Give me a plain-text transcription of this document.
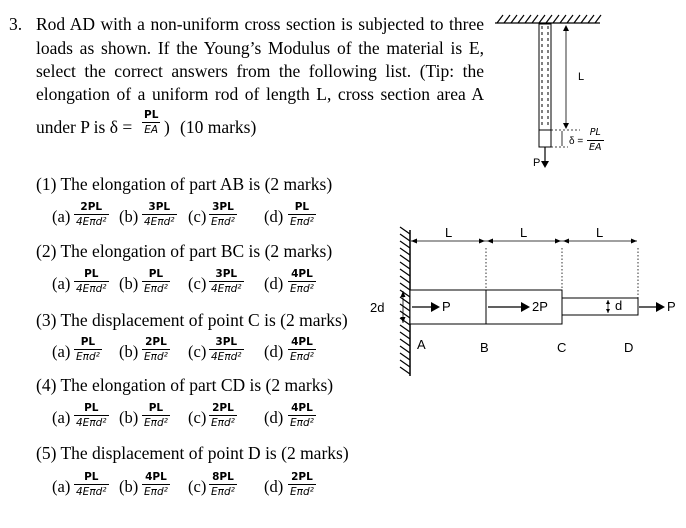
3. Rod AD with a non-uniform cross section is subjected to three
loads as shown. If the Young’s Modulus of the material is E,
select the correct answers from the following list. (Tip: the
elongation of a uniform rod of length L, cross section area A
under P is δ =
PL
EA ) (10 marks)
(1) The elongation of part AB is (2 marks)
(2) The elongation of part BC is (2 marks)
(3) The displacement of point C is (2 marks)
(4) The elongation of part CD is (2 marks)
(5) The displacement of point D is (2 marks)
(a) 2PL
4Eπd² (b) 3PL
4Eπd² (c) 3PL
Eπd² (d) PL
Eπd²
(a) PL
4Eπd² (b) PL
Eπd² (c) 3PL
4Eπd² (d) 4PL
Eπd²
(a) PL
Eπd² (b) 2PL
Eπd² (c) 3PL
4Eπd² (d) 4PL
Eπd²
(a) PL
4Eπd² (b) PL
Eπd² (c) 2PL
Eπd² (d) 4PL
Eπd²
(a) PL
4Eπd² (b) 4PL
Eπd² (c) 8PL
Eπd² (d) 2PL
Eπd²
L
P
δ =
PL
EA
L	L	L
2d	d
P	2P	P
A	B	C	D
